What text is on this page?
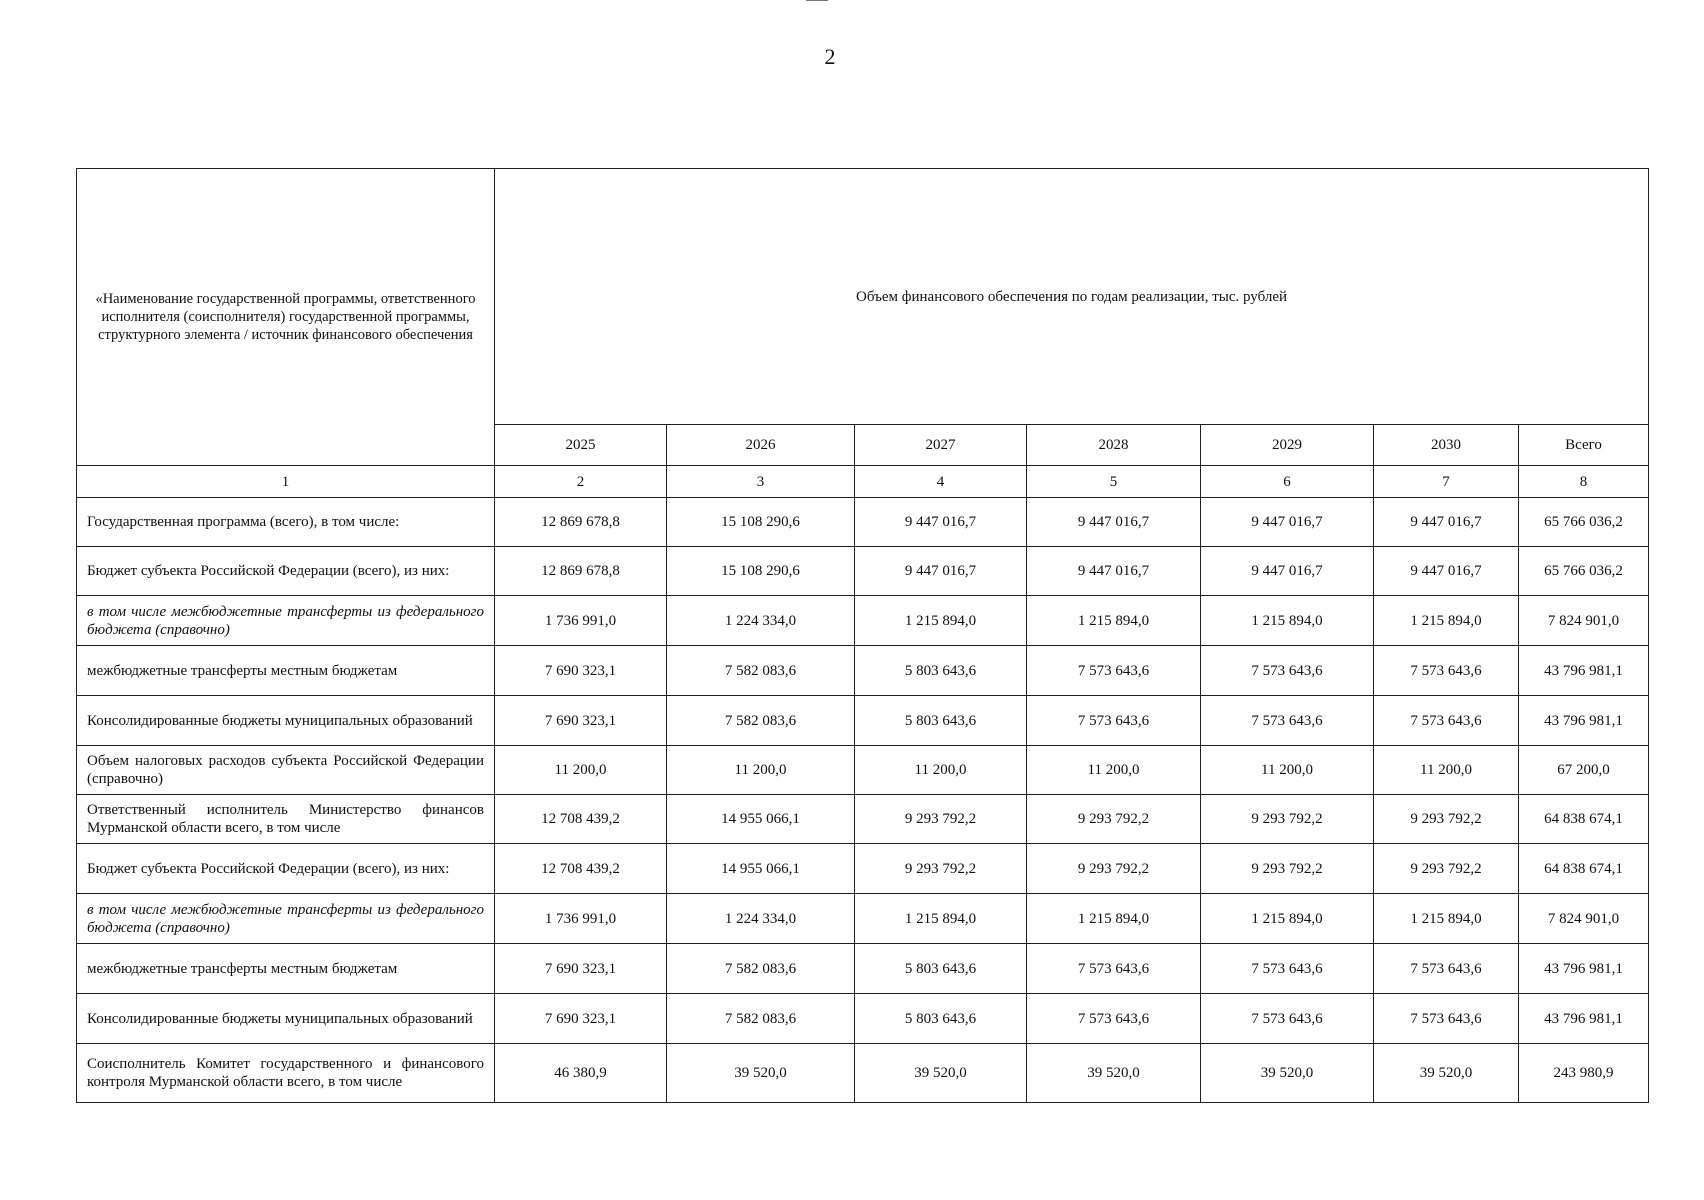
2
«Наименование государственной программы, ответственного исполнителя (соисполнителя) государственной программы, структурного элемента / источник финансового обеспечения	Объем финансового обеспечения по годам реализации, тыс. рублей						
	2025	2026	2027	2028	2029	2030	Всего
1	2	3	4	5	6	7	8
Государственная программа (всего), в том числе:	12 869 678,8	15 108 290,6	9 447 016,7	9 447 016,7	9 447 016,7	9 447 016,7	65 766 036,2
Бюджет субъекта Российской Федерации (всего), из них:	12 869 678,8	15 108 290,6	9 447 016,7	9 447 016,7	9 447 016,7	9 447 016,7	65 766 036,2
в том числе межбюджетные трансферты из федерального бюджета (справочно)	1 736 991,0	1 224 334,0	1 215 894,0	1 215 894,0	1 215 894,0	1 215 894,0	7 824 901,0
межбюджетные трансферты местным бюджетам	7 690 323,1	7 582 083,6	5 803 643,6	7 573 643,6	7 573 643,6	7 573 643,6	43 796 981,1
Консолидированные бюджеты муниципальных образований	7 690 323,1	7 582 083,6	5 803 643,6	7 573 643,6	7 573 643,6	7 573 643,6	43 796 981,1
Объем налоговых расходов субъекта Российской Федерации (справочно)	11 200,0	11 200,0	11 200,0	11 200,0	11 200,0	11 200,0	67 200,0
Ответственный исполнитель Министерство финансов Мурманской области всего, в том числе	12 708 439,2	14 955 066,1	9 293 792,2	9 293 792,2	9 293 792,2	9 293 792,2	64 838 674,1
Бюджет субъекта Российской Федерации (всего), из них:	12 708 439,2	14 955 066,1	9 293 792,2	9 293 792,2	9 293 792,2	9 293 792,2	64 838 674,1
в том числе межбюджетные трансферты из федерального бюджета (справочно)	1 736 991,0	1 224 334,0	1 215 894,0	1 215 894,0	1 215 894,0	1 215 894,0	7 824 901,0
межбюджетные трансферты местным бюджетам	7 690 323,1	7 582 083,6	5 803 643,6	7 573 643,6	7 573 643,6	7 573 643,6	43 796 981,1
Консолидированные бюджеты муниципальных образований	7 690 323,1	7 582 083,6	5 803 643,6	7 573 643,6	7 573 643,6	7 573 643,6	43 796 981,1
Соисполнитель Комитет государственного и финансового контроля Мурманской области всего, в том числе	46 380,9	39 520,0	39 520,0	39 520,0	39 520,0	39 520,0	243 980,9
